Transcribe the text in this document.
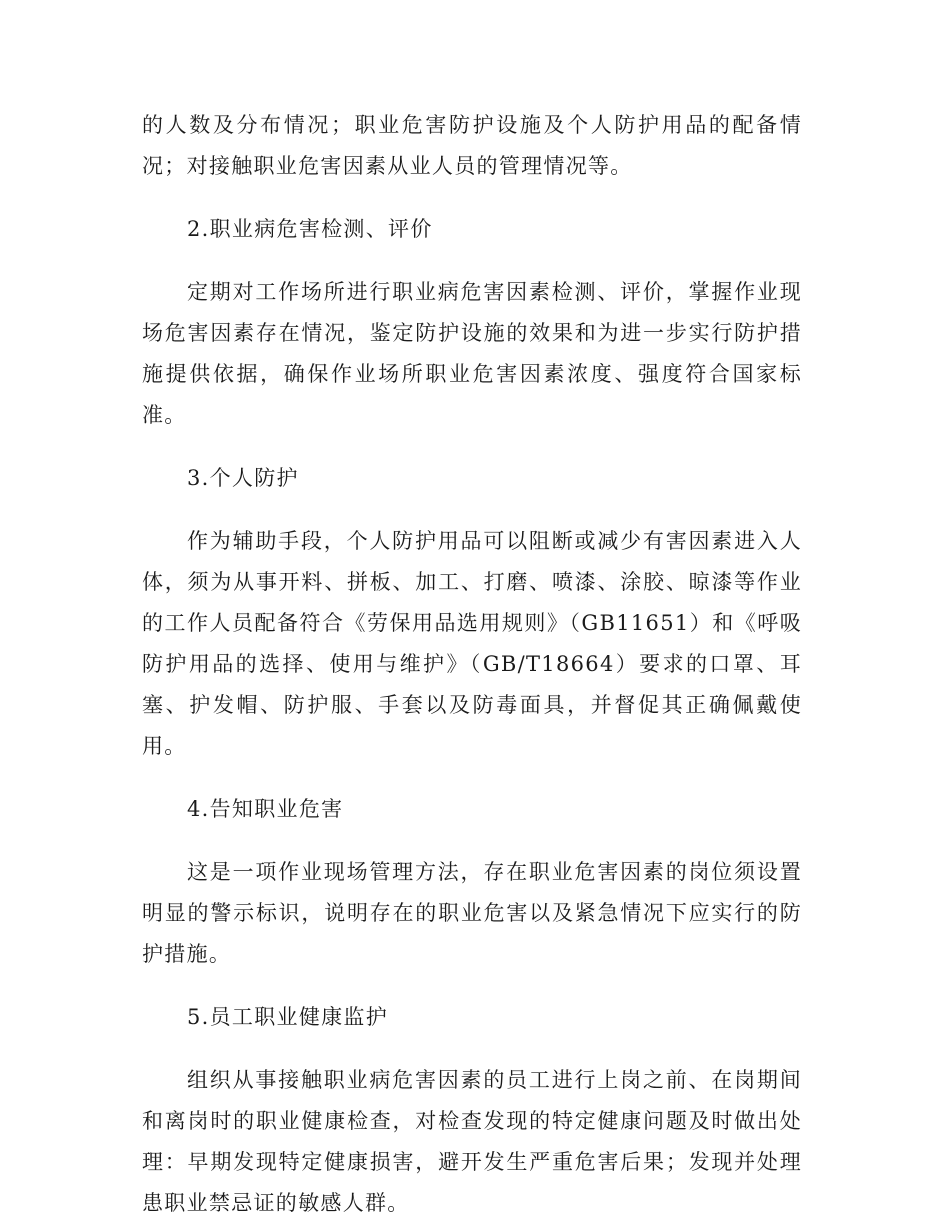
的人数及分布情况；职业危害防护设施及个人防护用品的配备情况；对接触职业危害因素从业人员的管理情况等。

2.职业病危害检测、评价

定期对工作场所进行职业病危害因素检测、评价，掌握作业现场危害因素存在情况，鉴定防护设施的效果和为进一步实行防护措施提供依据，确保作业场所职业危害因素浓度、强度符合国家标准。

3.个人防护

作为辅助手段，个人防护用品可以阻断或减少有害因素进入人体，须为从事开料、拼板、加工、打磨、喷漆、涂胶、晾漆等作业的工作人员配备符合《劳保用品选用规则》（GB11651）和《呼吸防护用品的选择、使用与维护》（GB/T18664）要求的口罩、耳塞、护发帽、防护服、手套以及防毒面具，并督促其正确佩戴使用。

4.告知职业危害

这是一项作业现场管理方法，存在职业危害因素的岗位须设置明显的警示标识，说明存在的职业危害以及紧急情况下应实行的防护措施。

5.员工职业健康监护

组织从事接触职业病危害因素的员工进行上岗之前、在岗期间和离岗时的职业健康检查，对检查发现的特定健康问题及时做出处理：早期发现特定健康损害，避开发生严重危害后果；发现并处理患职业禁忌证的敏感人群。
